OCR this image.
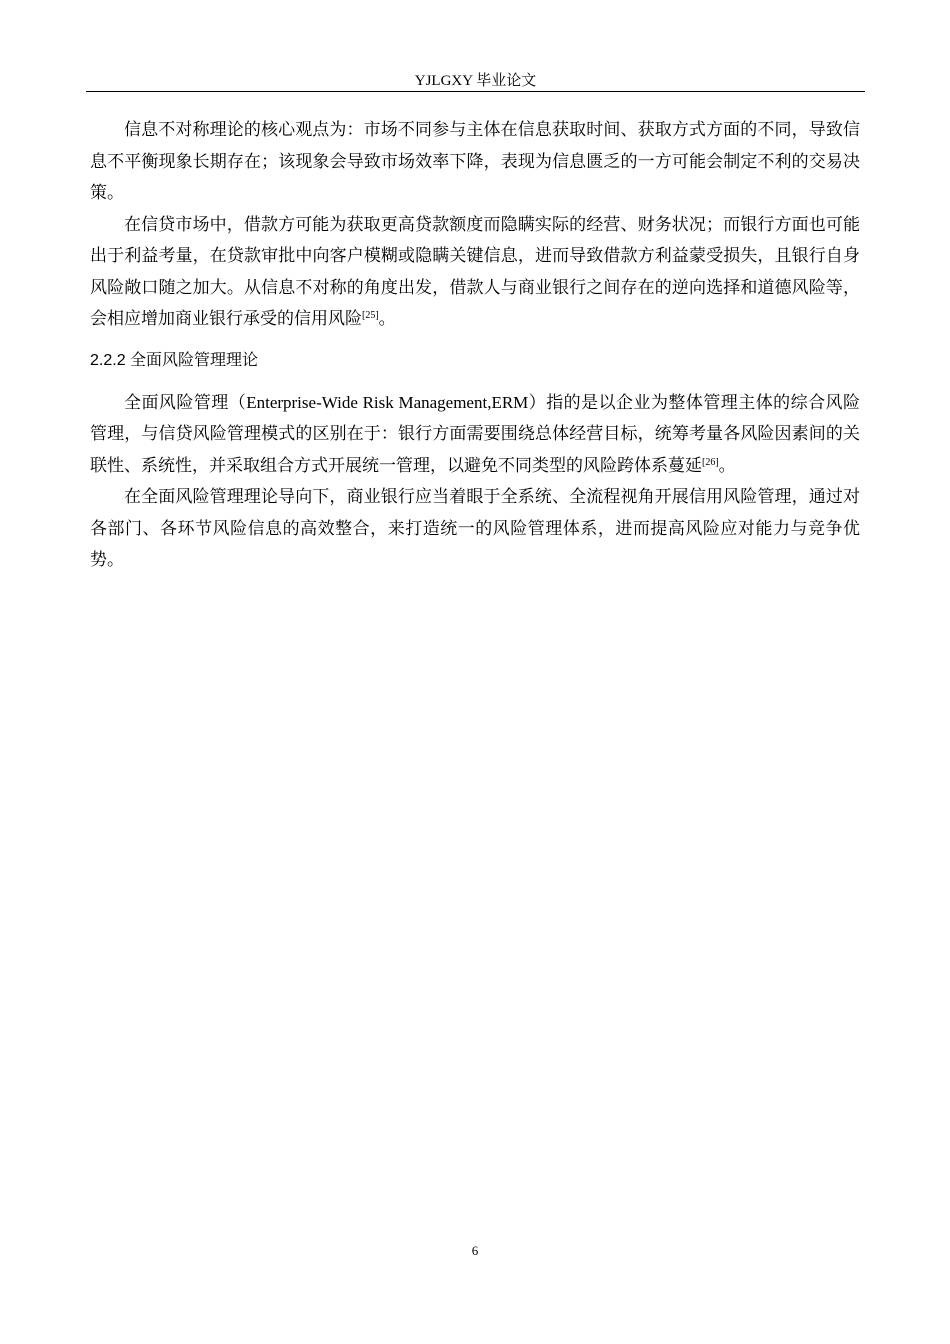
YJLGXY 毕业论文

信息不对称理论的核心观点为：市场不同参与主体在信息获取时间、获取方式方面的不同，导致信息不平衡现象长期存在；该现象会导致市场效率下降，表现为信息匮乏的一方可能会制定不利的交易决策。

在信贷市场中，借款方可能为获取更高贷款额度而隐瞒实际的经营、财务状况；而银行方面也可能出于利益考量，在贷款审批中向客户模糊或隐瞒关键信息，进而导致借款方利益蒙受损失，且银行自身风险敞口随之加大。从信息不对称的角度出发，借款人与商业银行之间存在的逆向选择和道德风险等，会相应增加商业银行承受的信用风险[25]。

2.2.2 全面风险管理理论

全面风险管理（Enterprise-Wide Risk Management,ERM）指的是以企业为整体管理主体的综合风险管理，与信贷风险管理模式的区别在于：银行方面需要围绕总体经营目标，统筹考量各风险因素间的关联性、系统性，并采取组合方式开展统一管理，以避免不同类型的风险跨体系蔓延[26]。

在全面风险管理理论导向下，商业银行应当着眼于全系统、全流程视角开展信用风险管理，通过对各部门、各环节风险信息的高效整合，来打造统一的风险管理体系，进而提高风险应对能力与竞争优势。

6
